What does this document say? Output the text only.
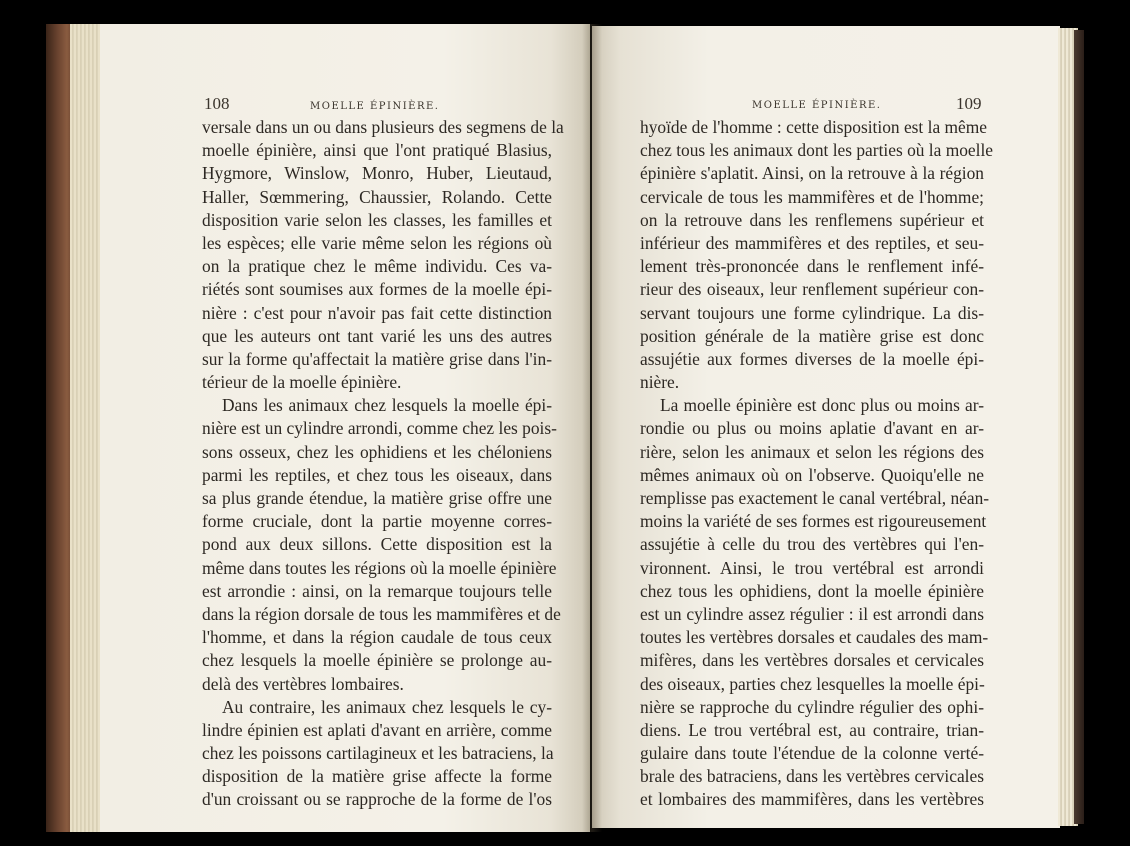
108	MOELLE ÉPINIÈRE.
versale dans un ou dans plusieurs des segmens de la
moelle épinière, ainsi que l'ont pratiqué Blasius,
Hygmore, Winslow, Monro, Huber, Lieutaud,
Haller, Sœmmering, Chaussier, Rolando. Cette
disposition varie selon les classes, les familles et
les espèces; elle varie même selon les régions où
on la pratique chez le même individu. Ces va-
riétés sont soumises aux formes de la moelle épi-
nière : c'est pour n'avoir pas fait cette distinction
que les auteurs ont tant varié les uns des autres
sur la forme qu'affectait la matière grise dans l'in-
térieur de la moelle épinière.
Dans les animaux chez lesquels la moelle épi-
nière est un cylindre arrondi, comme chez les pois-
sons osseux, chez les ophidiens et les chéloniens
parmi les reptiles, et chez tous les oiseaux, dans
sa plus grande étendue, la matière grise offre une
forme cruciale, dont la partie moyenne corres-
pond aux deux sillons. Cette disposition est la
même dans toutes les régions où la moelle épinière
est arrondie : ainsi, on la remarque toujours telle
dans la région dorsale de tous les mammifères et de
l'homme, et dans la région caudale de tous ceux
chez lesquels la moelle épinière se prolonge au-
delà des vertèbres lombaires.
Au contraire, les animaux chez lesquels le cy-
lindre épinien est aplati d'avant en arrière, comme
chez les poissons cartilagineux et les batraciens, la
disposition de la matière grise affecte la forme
d'un croissant ou se rapproche de la forme de l'os
MOELLE ÉPINIÈRE.	109
hyoïde de l'homme : cette disposition est la même
chez tous les animaux dont les parties où la moelle
épinière s'aplatit. Ainsi, on la retrouve à la région
cervicale de tous les mammifères et de l'homme;
on la retrouve dans les renflemens supérieur et
inférieur des mammifères et des reptiles, et seu-
lement très-prononcée dans le renflement infé-
rieur des oiseaux, leur renflement supérieur con-
servant toujours une forme cylindrique. La dis-
position générale de la matière grise est donc
assujétie aux formes diverses de la moelle épi-
nière.
La moelle épinière est donc plus ou moins ar-
rondie ou plus ou moins aplatie d'avant en ar-
rière, selon les animaux et selon les régions des
mêmes animaux où on l'observe. Quoiqu'elle ne
remplisse pas exactement le canal vertébral, néan-
moins la variété de ses formes est rigoureusement
assujétie à celle du trou des vertèbres qui l'en-
vironnent. Ainsi, le trou vertébral est arrondi
chez tous les ophidiens, dont la moelle épinière
est un cylindre assez régulier : il est arrondi dans
toutes les vertèbres dorsales et caudales des mam-
mifères, dans les vertèbres dorsales et cervicales
des oiseaux, parties chez lesquelles la moelle épi-
nière se rapproche du cylindre régulier des ophi-
diens. Le trou vertébral est, au contraire, trian-
gulaire dans toute l'étendue de la colonne verté-
brale des batraciens, dans les vertèbres cervicales
et lombaires des mammifères, dans les vertèbres
